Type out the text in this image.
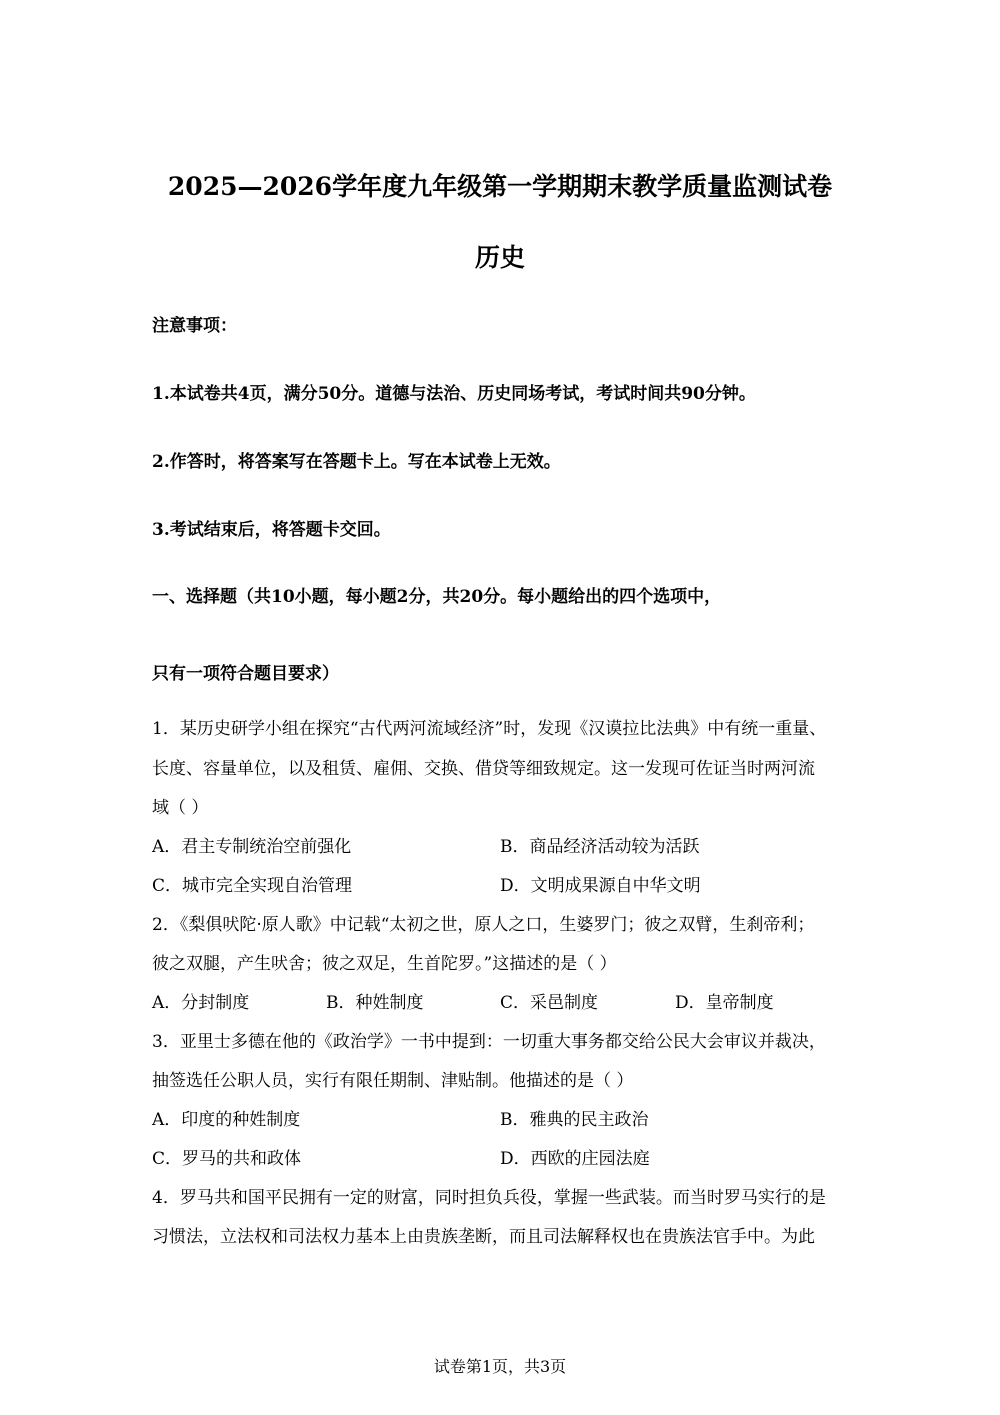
2025—2026学年度九年级第一学期期末教学质量监测试卷
历史
注意事项：
1.本试卷共4页，满分50分。道德与法治、历史同场考试，考试时间共90分钟。
2.作答时，将答案写在答题卡上。写在本试卷上无效。
3.考试结束后，将答题卡交回。
一、选择题（共10小题，每小题2分，共20分。每小题给出的四个选项中，
只有一项符合题目要求）
1．某历史研学小组在探究“古代两河流域经济”时，发现《汉谟拉比法典》中有统一重量、
长度、容量单位，以及租赁、雇佣、交换、借贷等细致规定。这一发现可佐证当时两河流
域（ ）
A．君主专制统治空前强化	B．商品经济活动较为活跃
C．城市完全实现自治管理	D．文明成果源自中华文明
2．《梨俱吠陀·原人歌》中记载“太初之世，原人之口，生婆罗门；彼之双臂，生刹帝利；
彼之双腿，产生吠舍；彼之双足，生首陀罗。”这描述的是（ ）
A．分封制度	B．种姓制度	C．采邑制度	D．皇帝制度
3．亚里士多德在他的《政治学》一书中提到：一切重大事务都交给公民大会审议并裁决，
抽签选任公职人员，实行有限任期制、津贴制。他描述的是（ ）
A．印度的种姓制度	B．雅典的民主政治
C．罗马的共和政体	D．西欧的庄园法庭
4．罗马共和国平民拥有一定的财富，同时担负兵役，掌握一些武装。而当时罗马实行的是
习惯法，立法权和司法权力基本上由贵族垄断，而且司法解释权也在贵族法官手中。为此
试卷第1页，共3页
